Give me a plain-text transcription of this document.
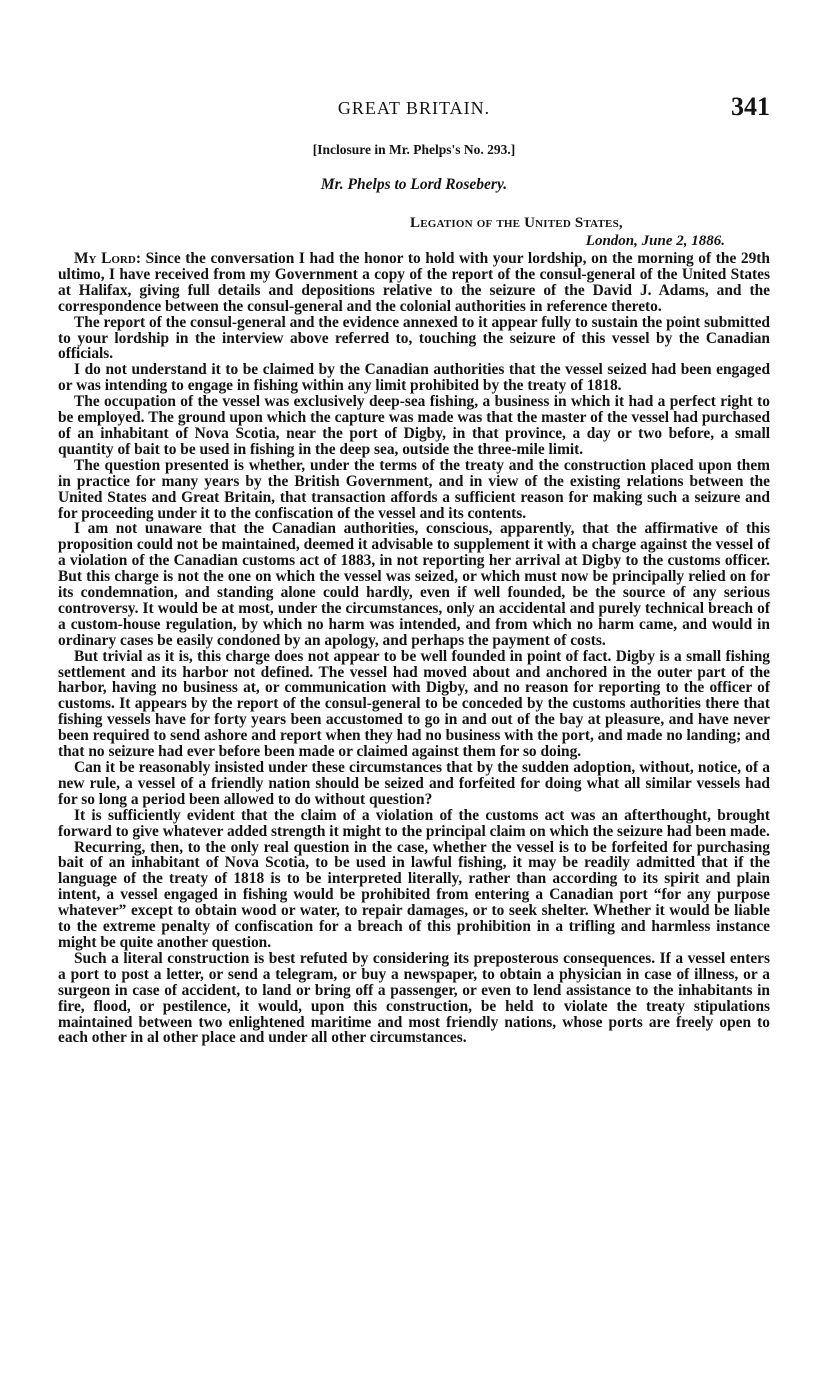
GREAT BRITAIN.	341
[Inclosure in Mr. Phelps's No. 293.]
Mr. Phelps to Lord Rosebery.
Legation of the United States,
London, June 2, 1886.

My Lord: Since the conversation I had the honor to hold with your lordship, on the morning of the 29th ultimo, I have received from my Government a copy of the report of the consul-general of the United States at Halifax, giving full details and depositions relative to the seizure of the David J. Adams, and the correspondence between the consul-general and the colonial authorities in reference thereto.

The report of the consul-general and the evidence annexed to it appear fully to sustain the point submitted to your lordship in the interview above referred to, touching the seizure of this vessel by the Canadian officials.

I do not understand it to be claimed by the Canadian authorities that the vessel seized had been engaged or was intending to engage in fishing within any limit prohibited by the treaty of 1818.

The occupation of the vessel was exclusively deep-sea fishing, a business in which it had a perfect right to be employed. The ground upon which the capture was made was that the master of the vessel had purchased of an inhabitant of Nova Scotia, near the port of Digby, in that province, a day or two before, a small quantity of bait to be used in fishing in the deep sea, outside the three-mile limit.

The question presented is whether, under the terms of the treaty and the construction placed upon them in practice for many years by the British Government, and in view of the existing relations between the United States and Great Britain, that transaction affords a sufficient reason for making such a seizure and for proceeding under it to the confiscation of the vessel and its contents.

I am not unaware that the Canadian authorities, conscious, apparently, that the affirmative of this proposition could not be maintained, deemed it advisable to supplement it with a charge against the vessel of a violation of the Canadian customs act of 1883, in not reporting her arrival at Digby to the customs officer. But this charge is not the one on which the vessel was seized, or which must now be principally relied on for its condemnation, and standing alone could hardly, even if well founded, be the source of any serious controversy. It would be at most, under the circumstances, only an accidental and purely technical breach of a custom-house regulation, by which no harm was intended, and from which no harm came, and would in ordinary cases be easily condoned by an apology, and perhaps the payment of costs.

But trivial as it is, this charge does not appear to be well founded in point of fact. Digby is a small fishing settlement and its harbor not defined. The vessel had moved about and anchored in the outer part of the harbor, having no business at, or communication with Digby, and no reason for reporting to the officer of customs. It appears by the report of the consul-general to be conceded by the customs authorities there that fishing vessels have for forty years been accustomed to go in and out of the bay at pleasure, and have never been required to send ashore and report when they had no business with the port, and made no landing; and that no seizure had ever before been made or claimed against them for so doing.

Can it be reasonably insisted under these circumstances that by the sudden adoption, without, notice, of a new rule, a vessel of a friendly nation should be seized and forfeited for doing what all similar vessels had for so long a period been allowed to do without question?

It is sufficiently evident that the claim of a violation of the customs act was an afterthought, brought forward to give whatever added strength it might to the principal claim on which the seizure had been made.

Recurring, then, to the only real question in the case, whether the vessel is to be forfeited for purchasing bait of an inhabitant of Nova Scotia, to be used in lawful fishing, it may be readily admitted that if the language of the treaty of 1818 is to be interpreted literally, rather than according to its spirit and plain intent, a vessel engaged in fishing would be prohibited from entering a Canadian port “for any purpose whatever” except to obtain wood or water, to repair damages, or to seek shelter. Whether it would be liable to the extreme penalty of confiscation for a breach of this prohibition in a trifling and harmless instance might be quite another question.

Such a literal construction is best refuted by considering its preposterous consequences. If a vessel enters a port to post a letter, or send a telegram, or buy a newspaper, to obtain a physician in case of illness, or a surgeon in case of accident, to land or bring off a passenger, or even to lend assistance to the inhabitants in fire, flood, or pestilence, it would, upon this construction, be held to violate the treaty stipulations maintained between two enlightened maritime and most friendly nations, whose ports are freely open to each other in al other place and under all other circumstances.
